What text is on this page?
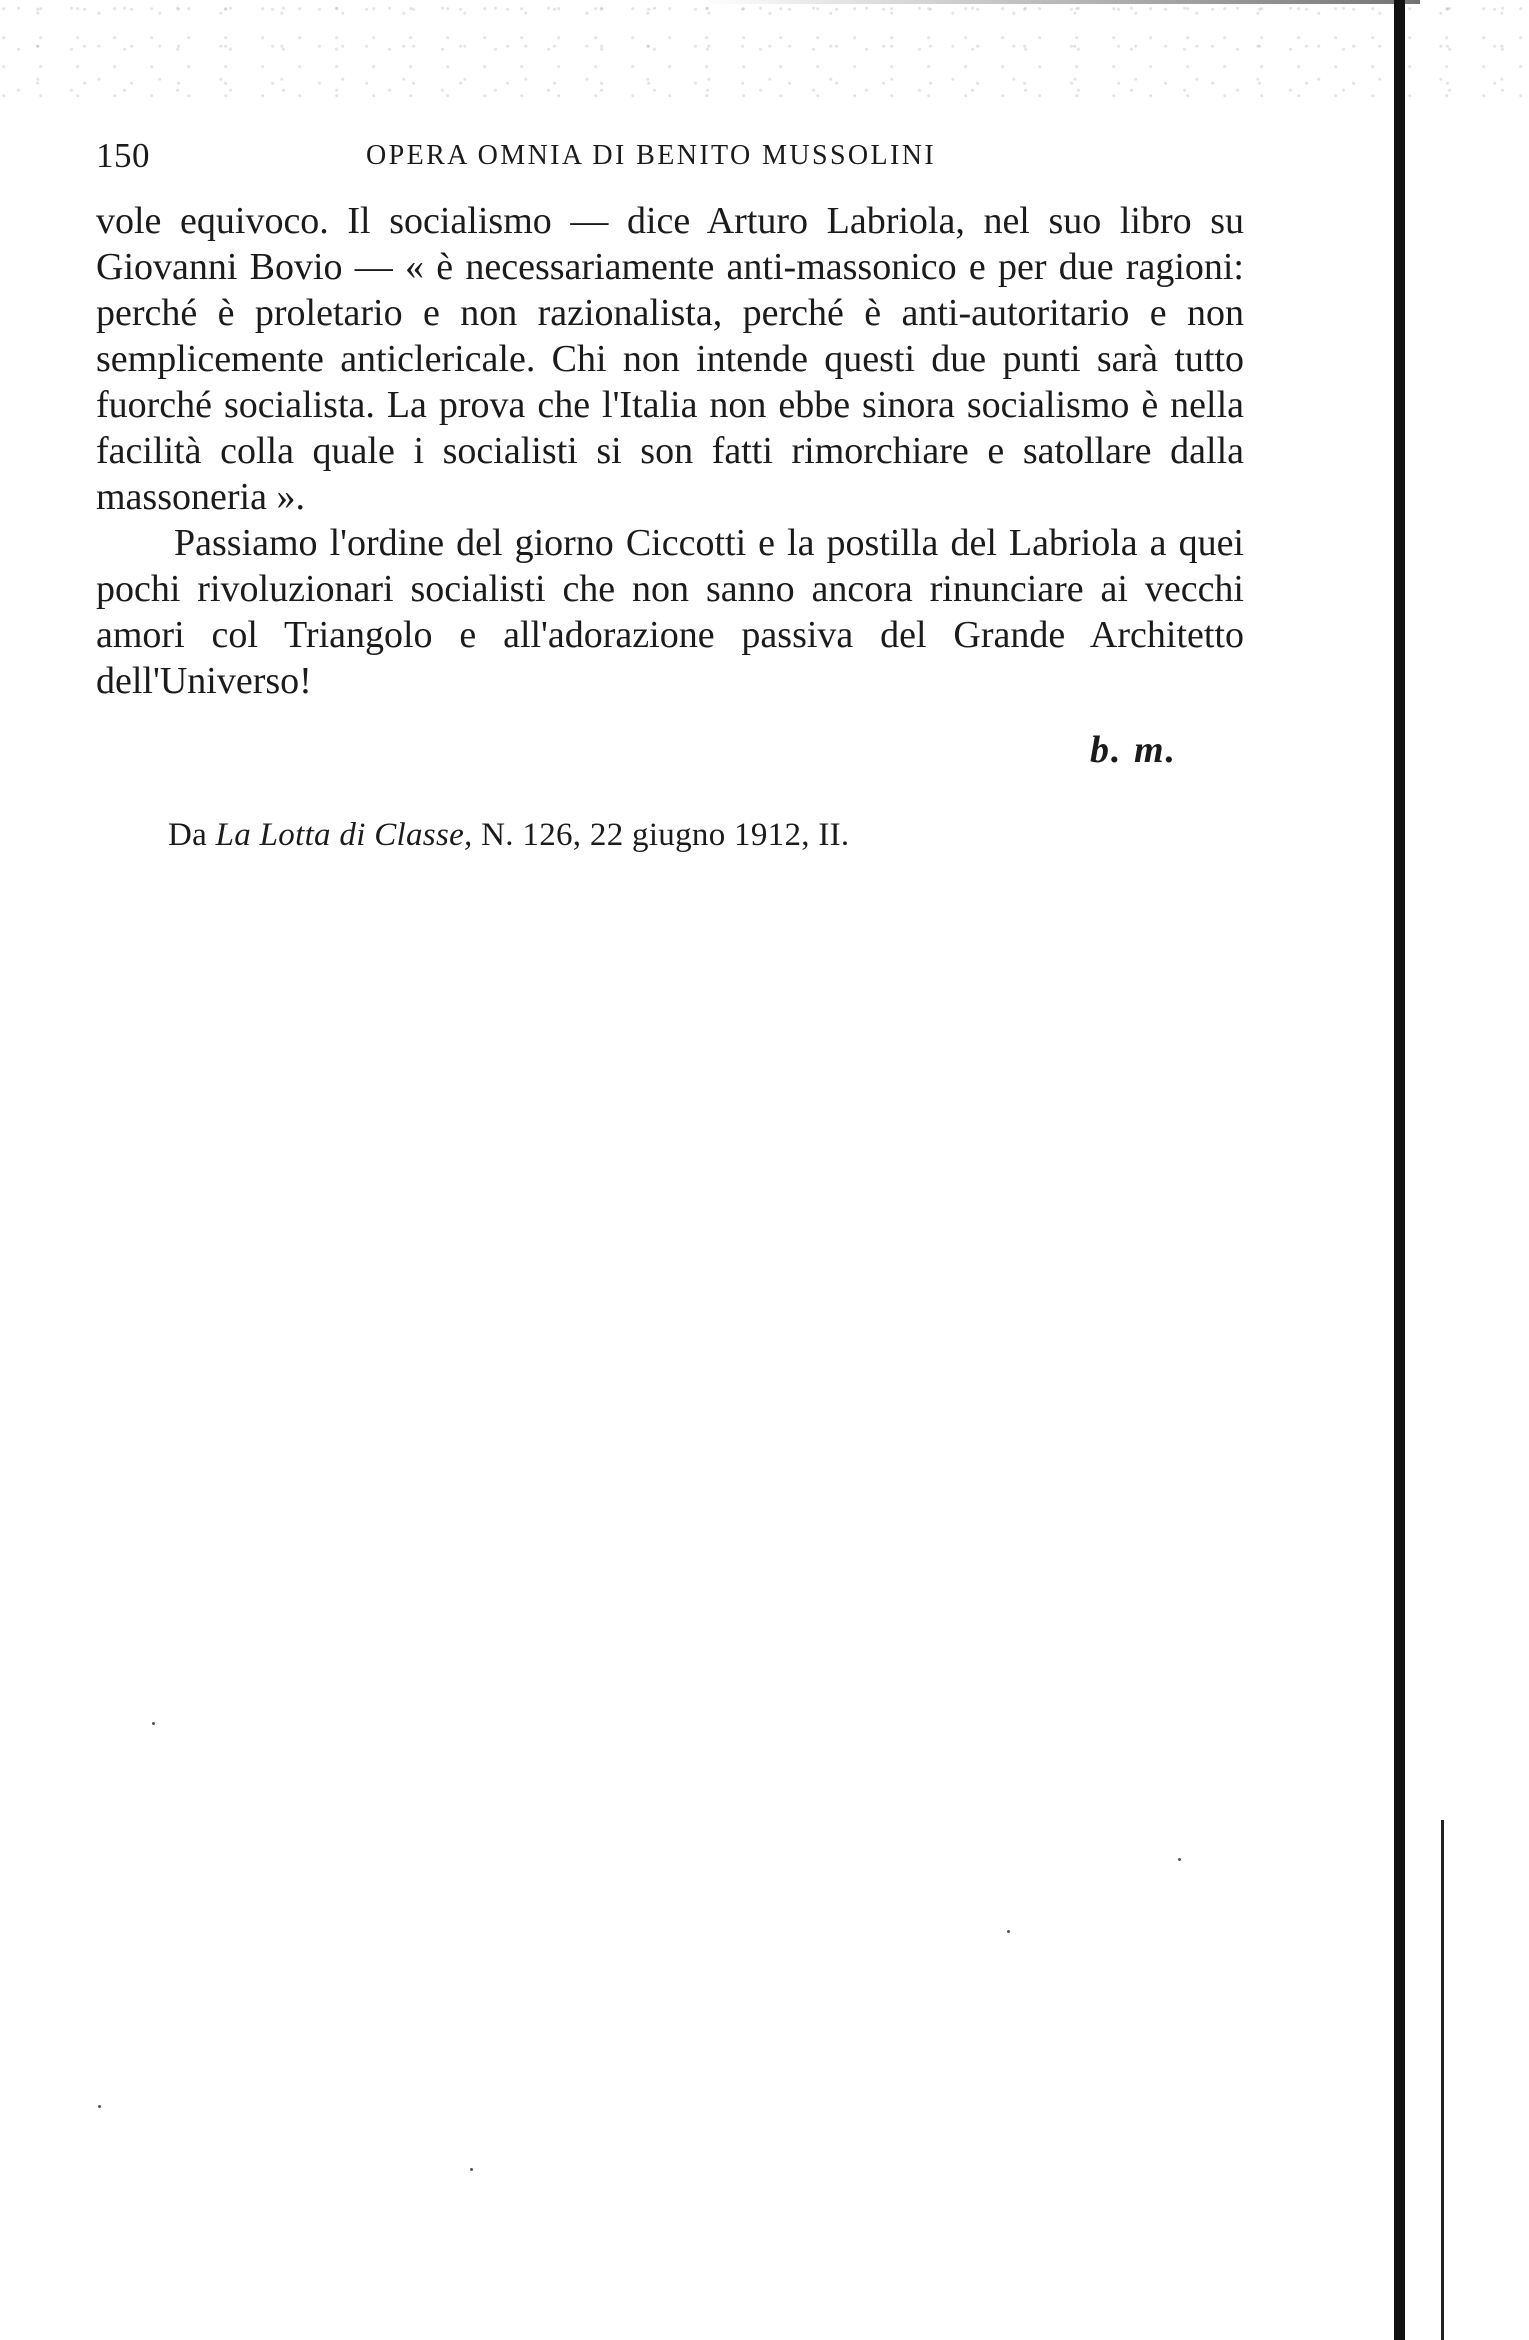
150	OPERA OMNIA DI BENITO MUSSOLINI

vole equivoco. Il socialismo — dice Arturo Labriola, nel suo libro su Giovanni Bovio — « è necessariamente anti-massonico e per due ragioni: perché è proletario e non razionalista, perché è anti-autoritario e non semplicemente anticlericale. Chi non intende questi due punti sarà tutto fuorché socialista. La prova che l'Italia non ebbe sinora socialismo è nella facilità colla quale i socialisti si son fatti rimorchiare e satollare dalla massoneria ».

Passiamo l'ordine del giorno Ciccotti e la postilla del Labriola a quei pochi rivoluzionari socialisti che non sanno ancora rinunciare ai vecchi amori col Triangolo e all'adorazione passiva del Grande Architetto dell'Universo!

b. m.
Da La Lotta di Classe, N. 126, 22 giugno 1912, II.
